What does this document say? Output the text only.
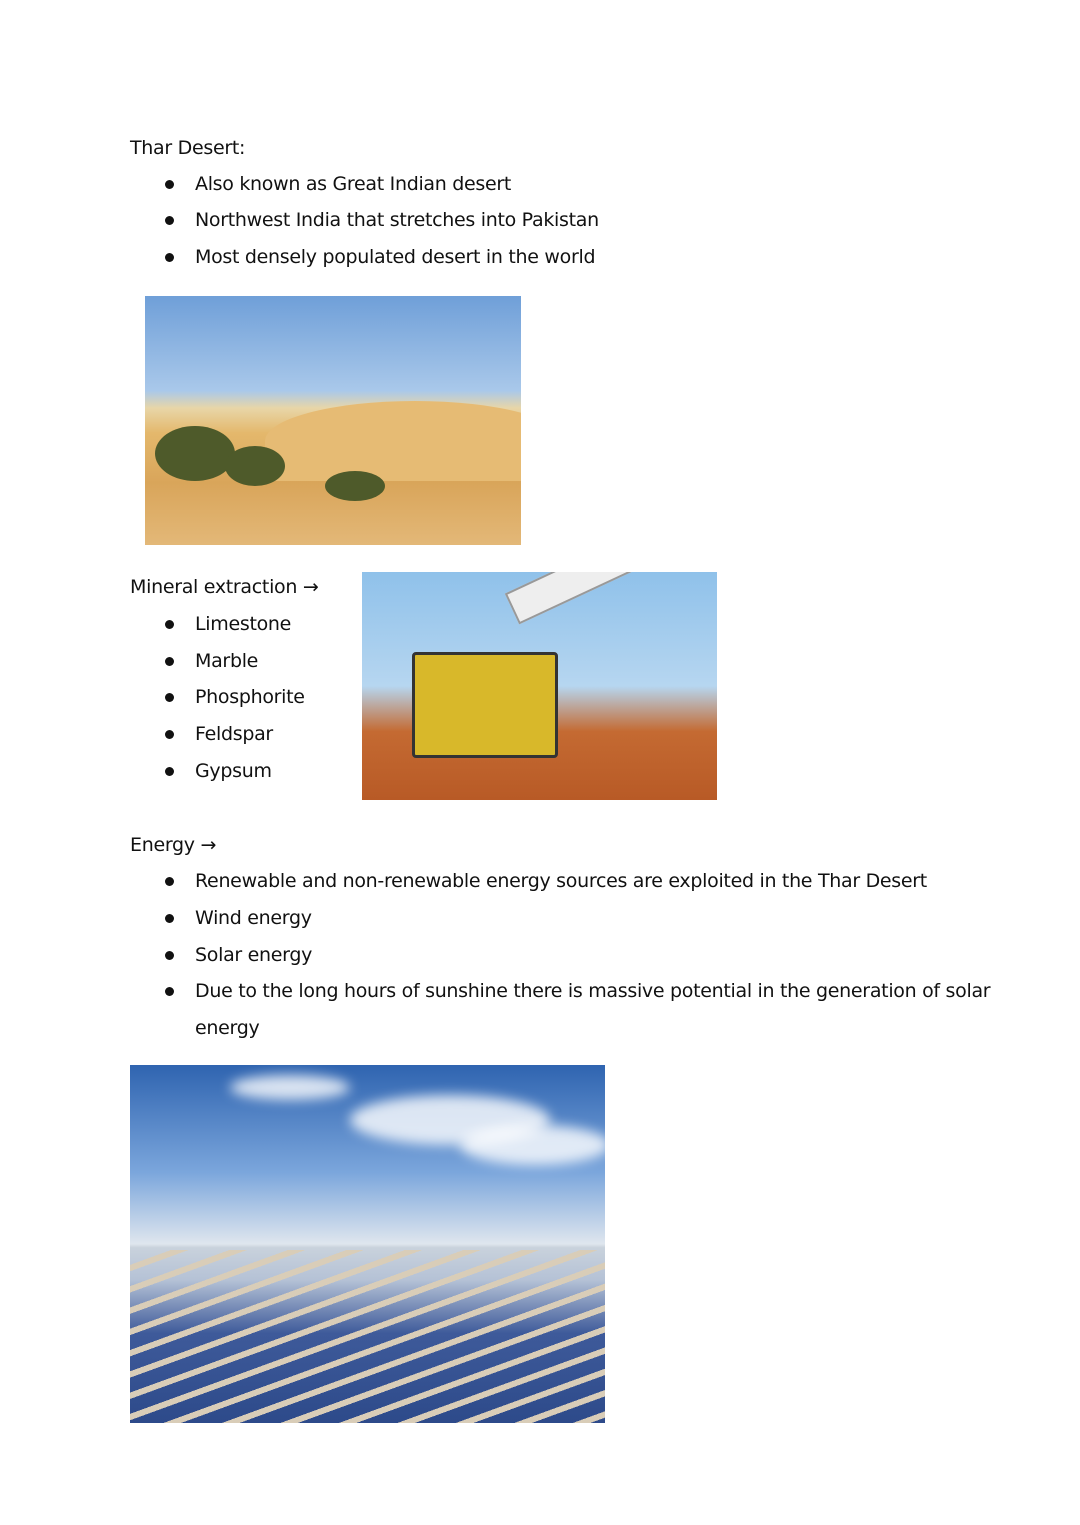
Thar Desert:
Also known as Great Indian desert
Northwest India that stretches into Pakistan
Most densely populated desert in the world
Mineral extraction →
Limestone
Marble
Phosphorite
Feldspar
Gypsum
Energy →
Renewable and non-renewable energy sources are exploited in the Thar Desert
Wind energy
Solar energy
Due to the long hours of sunshine there is massive potential in the generation of solar
energy
